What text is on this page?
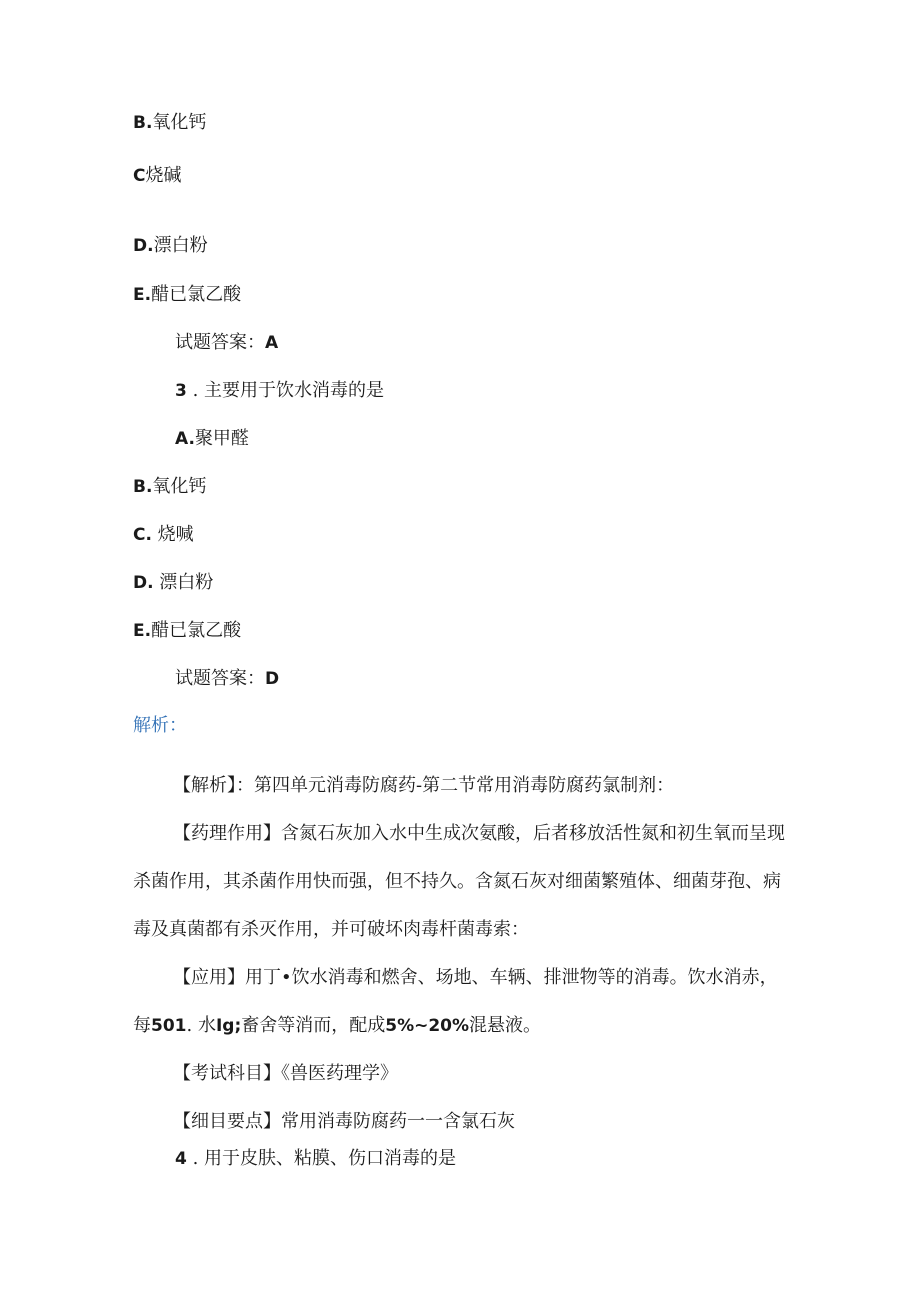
B.氧化钙
C烧碱
D.漂白粉
E.醋已氯乙酸
试题答案：A
3 . 主要用于饮水消毒的是
A.聚甲醛
B.氧化钙
C. 烧喊
D. 漂白粉
E.醋已氯乙酸
试题答案：D
解析：
【解析】：第四单元消毒防腐药-第二节常用消毒防腐药氯制剂：
【药理作用】含氮石灰加入水中生成次氨酸，后者移放活性氮和初生氧而呈现杀菌作用，其杀菌作用快而强，但不持久。含氮石灰对细菌繁殖体、细菌芽孢、病毒及真菌都有杀灭作用，并可破坏肉毒杆菌毒索：
【应用】用丁•饮水消毒和燃舍、场地、车辆、排泄物等的消毒。饮水消赤，每501. 水Ig;畜舍等消而，配成5%~20%混悬液。
【考试科目】《兽医药理学》
【细目要点】常用消毒防腐药一一含氯石灰
4 . 用于皮肤、粘膜、伤口消毒的是
